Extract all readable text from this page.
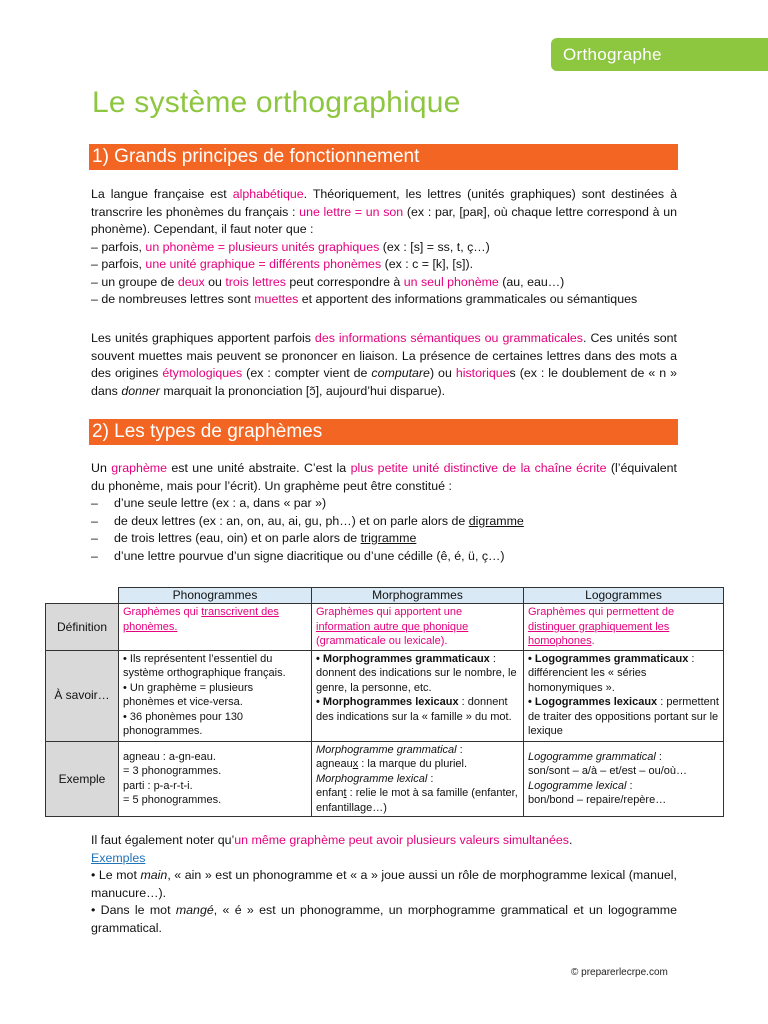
Orthographe
Le système orthographique
1) Grands principes de fonctionnement

La langue française est alphabétique. Théoriquement, les lettres (unités graphiques) sont destinées à transcrire les phonèmes du français : une lettre = un son (ex : par, [paʀ], où chaque lettre correspond à un phonème). Cependant, il faut noter que :
– parfois, un phonème = plusieurs unités graphiques (ex : [s] = ss, t, ç…)
– parfois, une unité graphique = différents phonèmes (ex : c = [k], [s]).
– un groupe de deux ou trois lettres peut correspondre à un seul phonème (au, eau…)
– de nombreuses lettres sont muettes et apportent des informations grammaticales ou sémantiques

Les unités graphiques apportent parfois des informations sémantiques ou grammaticales. Ces unités sont souvent muettes mais peuvent se prononcer en liaison. La présence de certaines lettres dans des mots a des origines étymologiques (ex : compter vient de computare) ou historiques (ex : le doublement de « n » dans donner marquait la prononciation [ɔ̃], aujourd’hui disparue).

2) Les types de graphèmes

Un graphème est une unité abstraite. C’est la plus petite unité distinctive de la chaîne écrite (l’équivalent du phonème, mais pour l’écrit). Un graphème peut être constitué :
– d’une seule lettre (ex : a, dans « par »)
– de deux lettres (ex : an, on, au, ai, gu, ph…) et on parle alors de digramme
– de trois lettres (eau, oin) et on parle alors de trigramme
– d’une lettre pourvue d’un signe diacritique ou d’une cédille (ê, é, ü, ç…)

	Phonogrammes	Morphogrammes	Logogrammes
Définition	Graphèmes qui transcrivent des phonèmes.	Graphèmes qui apportent une information autre que phonique (grammaticale ou lexicale).	Graphèmes qui permettent de distinguer graphiquement les homophones.
À savoir…	• Ils représentent l’essentiel du système orthographique français.
• Un graphème = plusieurs phonèmes et vice-versa.
• 36 phonèmes pour 130 phonogrammes.	• Morphogrammes grammaticaux : donnent des indications sur le nombre, le genre, la personne, etc.
• Morphogrammes lexicaux : donnent des indications sur la « famille » du mot.	• Logogrammes grammaticaux : différencient les « séries homonymiques ».
• Logogrammes lexicaux : permettent de traiter des oppositions portant sur le lexique

Exemple	agneau : a-gn-eau.
= 3 phonogrammes.
parti : p-a-r-t-i.
= 5 phonogrammes.	Morphogramme grammatical :
agneaux : la marque du pluriel.
Morphogramme lexical :
enfant : relie le mot à sa famille (enfanter, enfantillage…)	Logogramme grammatical :
son/sont – a/à – et/est – ou/où…
Logogramme lexical :
bon/bond – repaire/repère…

Il faut également noter qu’un même graphème peut avoir plusieurs valeurs simultanées.
Exemples
• Le mot main, « ain » est un phonogramme et « a » joue aussi un rôle de morphogramme lexical (manuel, manucure…).
• Dans le mot mangé, « é » est un phonogramme, un morphogramme grammatical et un logogramme grammatical.

© preparerlecrpe.com
